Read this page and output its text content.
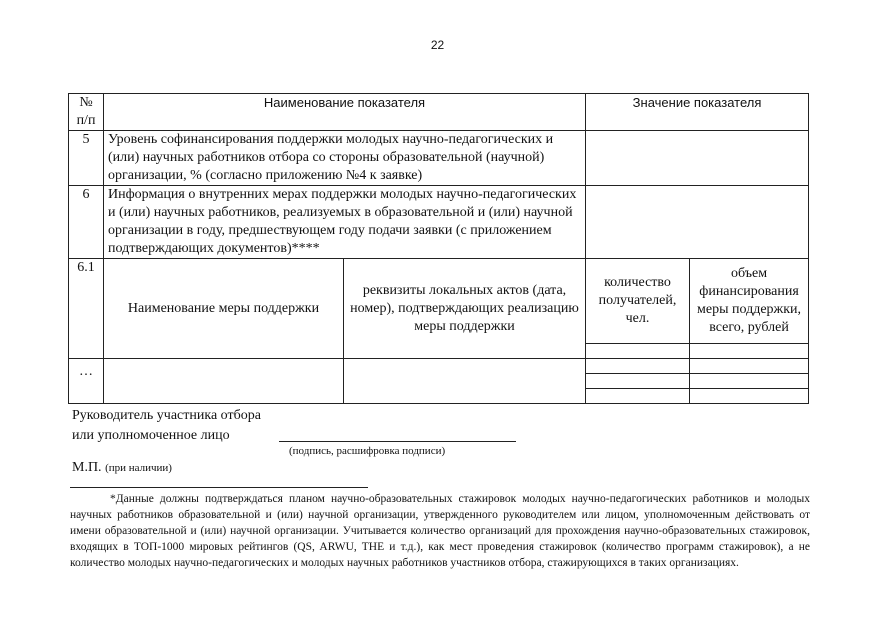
22
№ п/п	Наименование показателя		Значение показателя	
5	Уровень софинансирования поддержки молодых научно-педагогических и (или) научных работников отбора со стороны образовательной (научной) организации, % (согласно приложению №4 к заявке)			
6	Информация о внутренних мерах поддержки молодых научно-педагогических и (или) научных работников, реализуемых в образовательной и (или) научной организации в году, предшествующем году подачи заявки (с приложением подтверждающих документов)****			
6.1	Наименование меры поддержки	реквизиты локальных актов (дата, номер), подтверждающих реализацию меры поддержки	количество получателей, чел.	объем финансирования меры поддержки, всего, рублей

…				

Руководитель участника отбора
или уполномоченное лицо
(подпись, расшифровка подписи)
М.П. (при наличии)
*Данные должны подтверждаться планом научно-образовательных стажировок молодых научно-педагогических работников и молодых научных работников образовательной и (или) научной организации, утвержденного руководителем или лицом, уполномоченным действовать от имени образовательной и (или) научной организации. Учитывается количество организаций для прохождения научно-образовательных стажировок, входящих в ТОП-1000 мировых рейтингов (QS, ARWU, THE и т.д.), как мест проведения стажировок (количество программ стажировок), а не количество молодых научно-педагогических и молодых научных работников участников отбора, стажирующихся в таких организациях.
